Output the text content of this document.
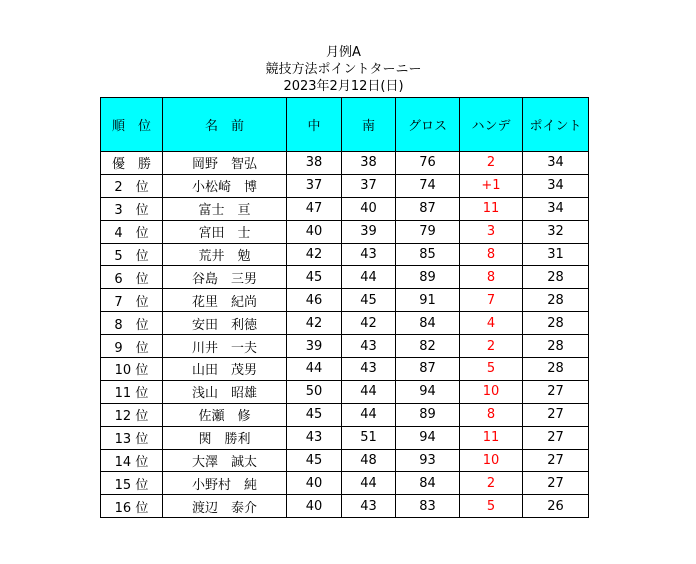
月例A
競技方法ポイントターニー
2023年2月12日(日)
順　位	名　前	中	南	グロス	ハンデ	ポイント
優　勝	岡野　智弘	38	38	76	2	34
2　位	小松崎　博	37	37	74	+1	34
3　位	富士　亘	47	40	87	11	34
4　位	宮田　士	40	39	79	3	32
5　位	荒井　勉	42	43	85	8	31
6　位	谷島　三男	45	44	89	8	28
7　位	花里　紀尚	46	45	91	7	28
8　位	安田　利徳	42	42	84	4	28
9　位	川井　一夫	39	43	82	2	28
10 位	山田　茂男	44	43	87	5	28
11 位	浅山　昭雄	50	44	94	10	27
12 位	佐瀬　修	45	44	89	8	27
13 位	関　勝利	43	51	94	11	27
14 位	大澤　誠太	45	48	93	10	27
15 位	小野村　純	40	44	84	2	27
16 位	渡辺　泰介	40	43	83	5	26
